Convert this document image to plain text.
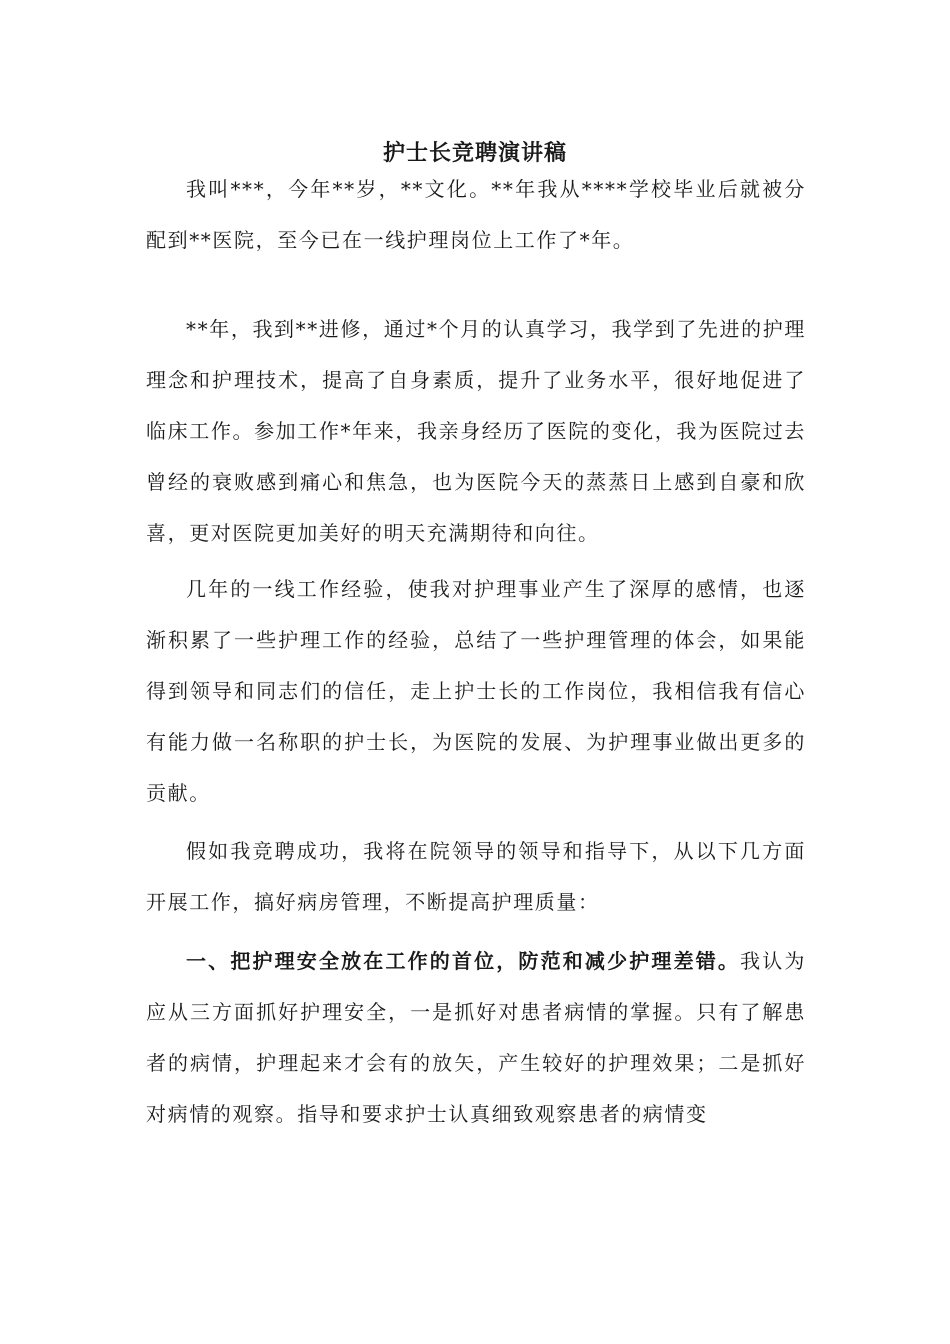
护士长竞聘演讲稿

我叫***，今年**岁，**文化。**年我从****学校毕业后就被分配到**医院，至今已在一线护理岗位上工作了*年。

**年，我到**进修，通过*个月的认真学习，我学到了先进的护理理念和护理技术，提高了自身素质，提升了业务水平，很好地促进了临床工作。参加工作*年来，我亲身经历了医院的变化，我为医院过去曾经的衰败感到痛心和焦急，也为医院今天的蒸蒸日上感到自豪和欣喜，更对医院更加美好的明天充满期待和向往。

几年的一线工作经验，使我对护理事业产生了深厚的感情，也逐渐积累了一些护理工作的经验，总结了一些护理管理的体会，如果能得到领导和同志们的信任，走上护士长的工作岗位，我相信我有信心有能力做一名称职的护士长，为医院的发展、为护理事业做出更多的贡献。

假如我竞聘成功，我将在院领导的领导和指导下，从以下几方面开展工作，搞好病房管理，不断提高护理质量：

一、把护理安全放在工作的首位，防范和减少护理差错。我认为应从三方面抓好护理安全，一是抓好对患者病情的掌握。只有了解患者的病情，护理起来才会有的放矢，产生较好的护理效果；二是抓好对病情的观察。指导和要求护士认真细致观察患者的病情变
